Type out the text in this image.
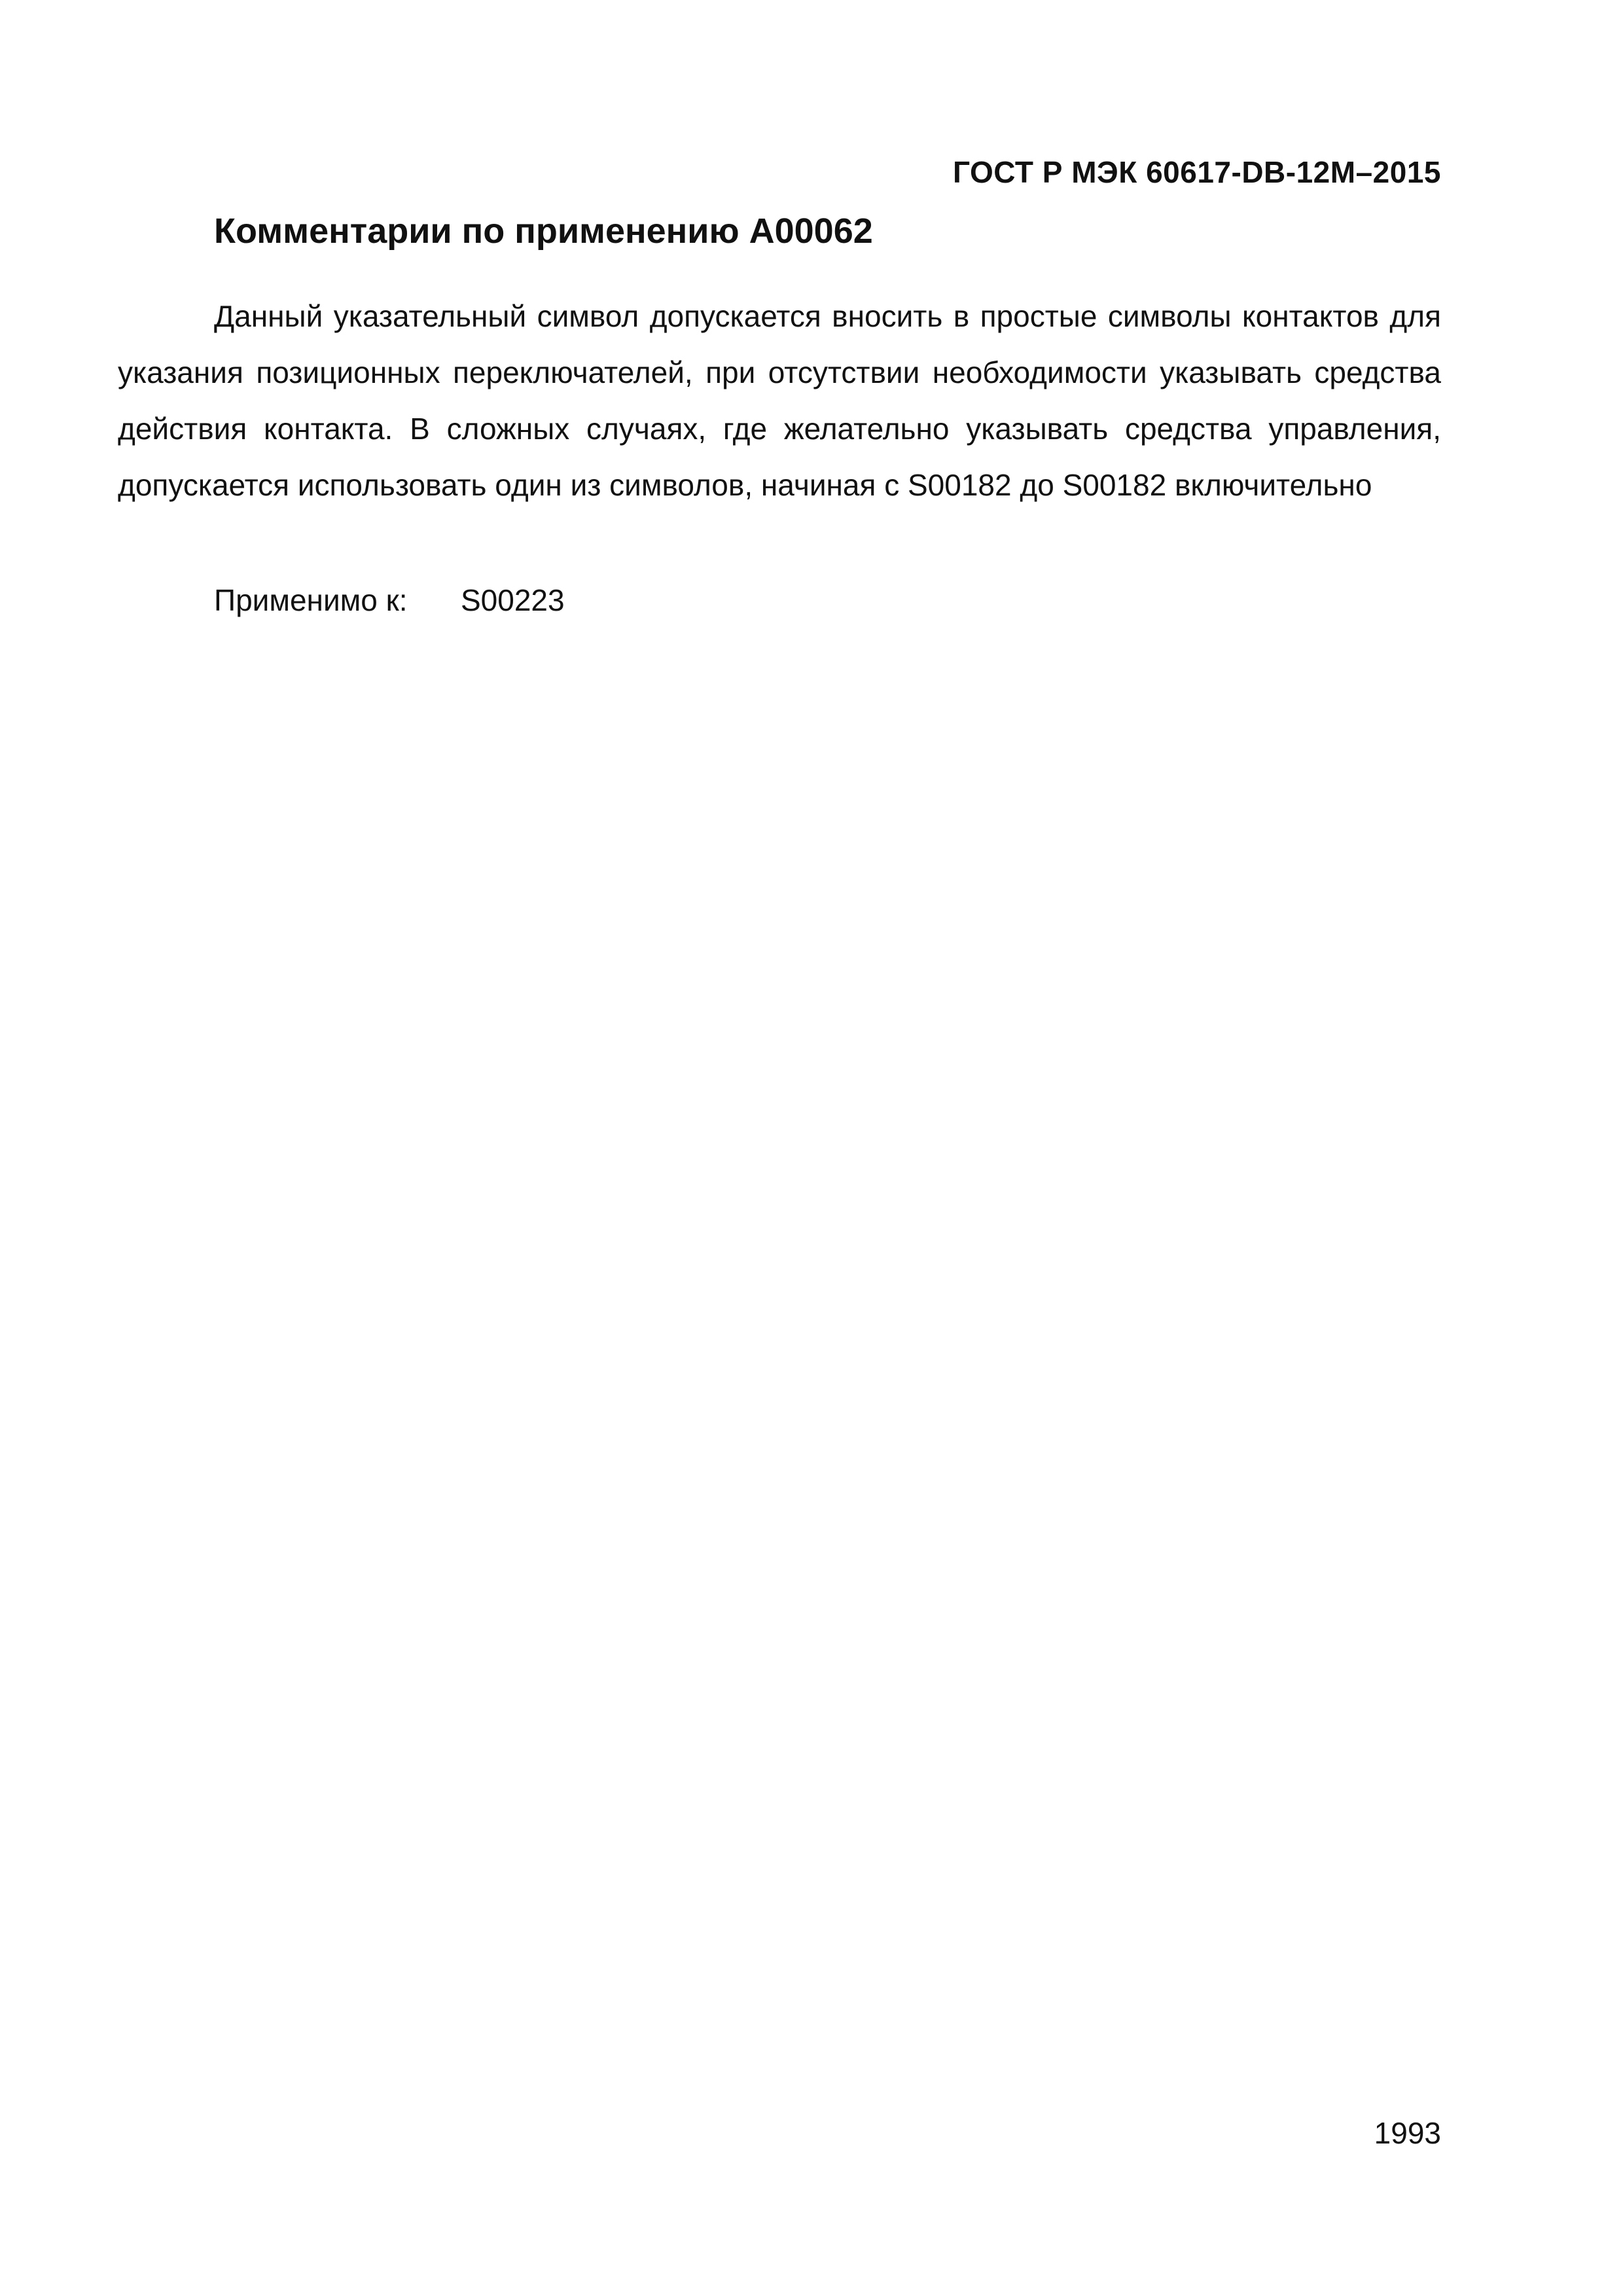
ГОСТ Р МЭК 60617-DB-12M–2015
Комментарии по применению A00062

Данный указательный символ допускается вносить в простые символы контактов для указания позиционных переключателей, при отсутствии необходимости указывать средства действия контакта. В сложных случаях, где желательно указывать средства управления, допускается использовать один из символов, начиная с S00182 до S00182 включительно

Применимо к: S00223
1993
